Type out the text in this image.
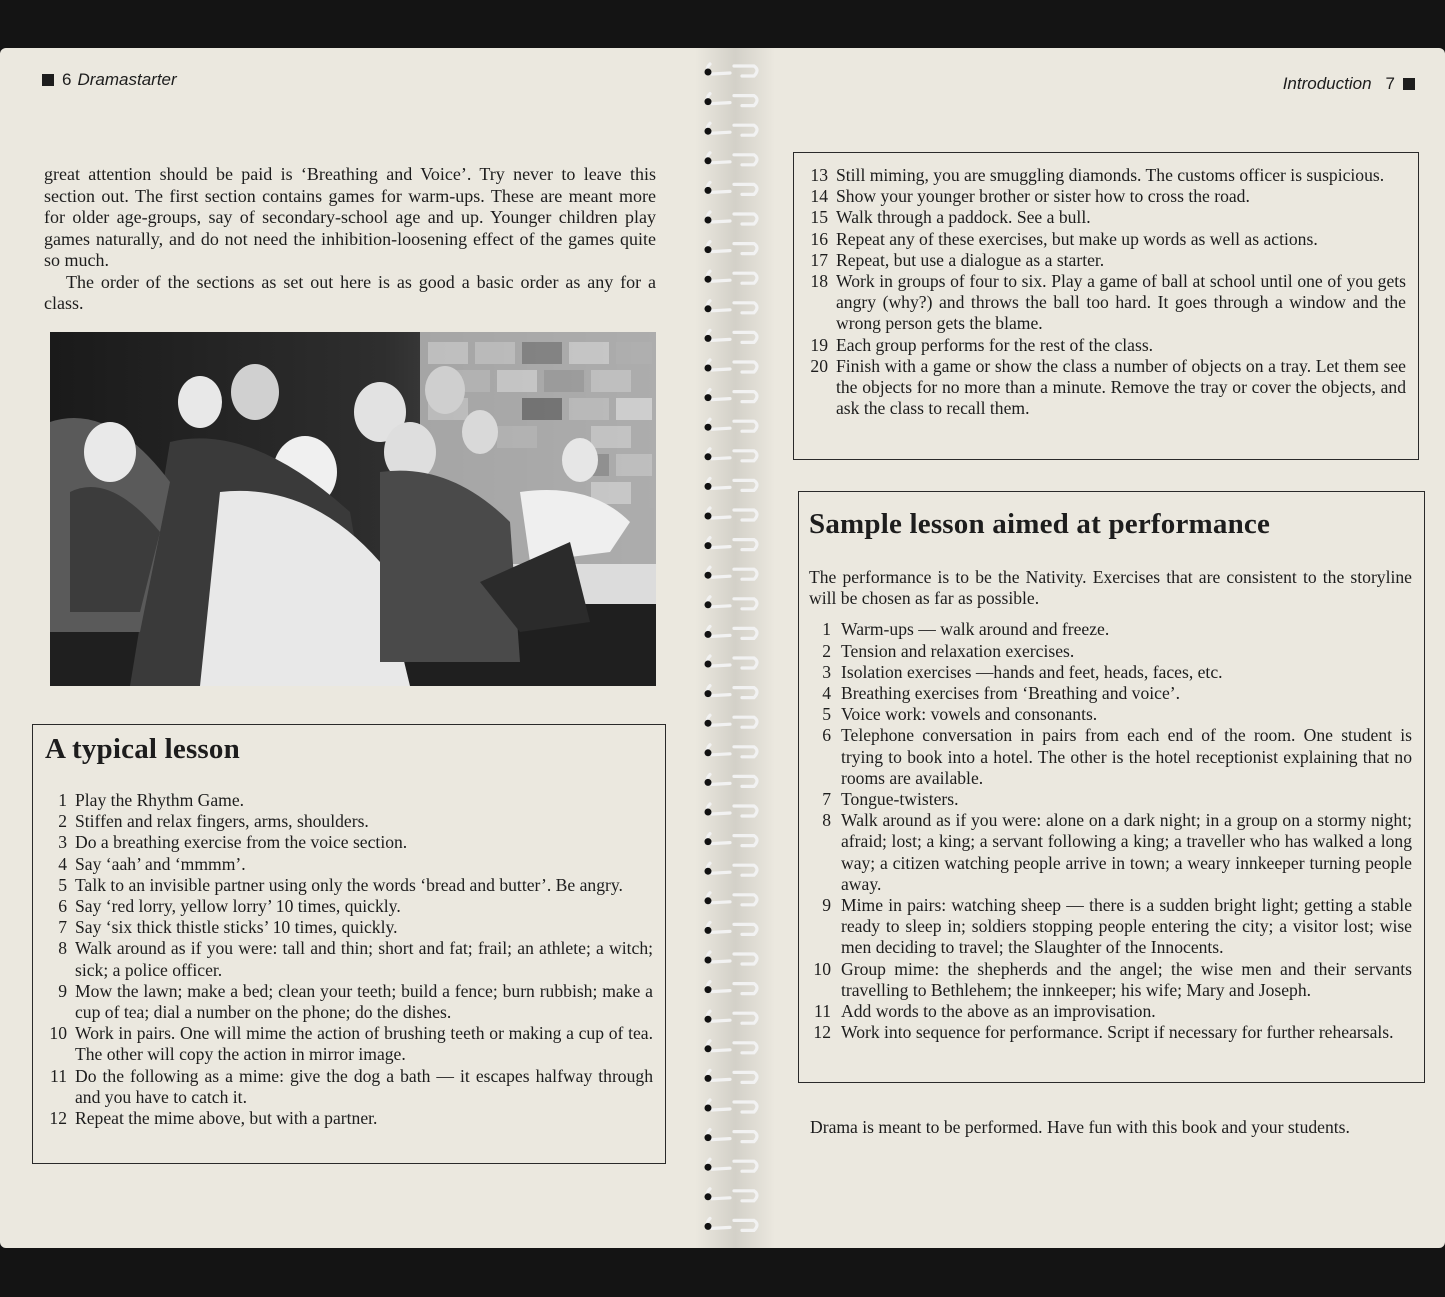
6 Dramastarter

great attention should be paid is ‘Breathing and Voice’. Try never to leave this section out. The first section contains games for warm-ups. These are meant more for older age-groups, say of secondary-school age and up. Younger children play games naturally, and do not need the inhibition-loosening effect of the games quite so much.

The order of the sections as set out here is as good a basic order as any for a class.

A typical lesson
1 Play the Rhythm Game.
2 Stiffen and relax fingers, arms, shoulders.
3 Do a breathing exercise from the voice section.
4 Say ‘aah’ and ‘mmmm’.
5 Talk to an invisible partner using only the words ‘bread and butter’. Be angry.
6 Say ‘red lorry, yellow lorry’ 10 times, quickly.
7 Say ‘six thick thistle sticks’ 10 times, quickly.
8 Walk around as if you were: tall and thin; short and fat; frail; an athlete; a witch; sick; a police officer.
9 Mow the lawn; make a bed; clean your teeth; build a fence; burn rubbish; make a cup of tea; dial a number on the phone; do the dishes.
10 Work in pairs. One will mime the action of brushing teeth or making a cup of tea. The other will copy the action in mirror image.
11 Do the following as a mime: give the dog a bath — it escapes halfway through and you have to catch it.
12 Repeat the mime above, but with a partner.
Introduction 7
13 Still miming, you are smuggling diamonds. The customs officer is suspicious.
14 Show your younger brother or sister how to cross the road.
15 Walk through a paddock. See a bull.
16 Repeat any of these exercises, but make up words as well as actions.
17 Repeat, but use a dialogue as a starter.
18 Work in groups of four to six. Play a game of ball at school until one of you gets angry (why?) and throws the ball too hard. It goes through a window and the wrong person gets the blame.
19 Each group performs for the rest of the class.
20 Finish with a game or show the class a number of objects on a tray. Let them see the objects for no more than a minute. Remove the tray or cover the objects, and ask the class to recall them.
Sample lesson aimed at performance

The performance is to be the Nativity. Exercises that are consistent to the storyline will be chosen as far as possible.

1 Warm-ups — walk around and freeze.
2 Tension and relaxation exercises.
3 Isolation exercises —hands and feet, heads, faces, etc.
4 Breathing exercises from ‘Breathing and voice’.
5 Voice work: vowels and consonants.
6 Telephone conversation in pairs from each end of the room. One student is trying to book into a hotel. The other is the hotel receptionist explaining that no rooms are available.
7 Tongue-twisters.
8 Walk around as if you were: alone on a dark night; in a group on a stormy night; afraid; lost; a king; a servant following a king; a traveller who has walked a long way; a citizen watching people arrive in town; a weary innkeeper turning people away.
9 Mime in pairs: watching sheep — there is a sudden bright light; getting a stable ready to sleep in; soldiers stopping people entering the city; a visitor lost; wise men deciding to travel; the Slaughter of the Innocents.
10 Group mime: the shepherds and the angel; the wise men and their servants travelling to Bethlehem; the innkeeper; his wife; Mary and Joseph.
11 Add words to the above as an improvisation.
12 Work into sequence for performance. Script if necessary for further rehearsals.

Drama is meant to be performed. Have fun with this book and your students.
